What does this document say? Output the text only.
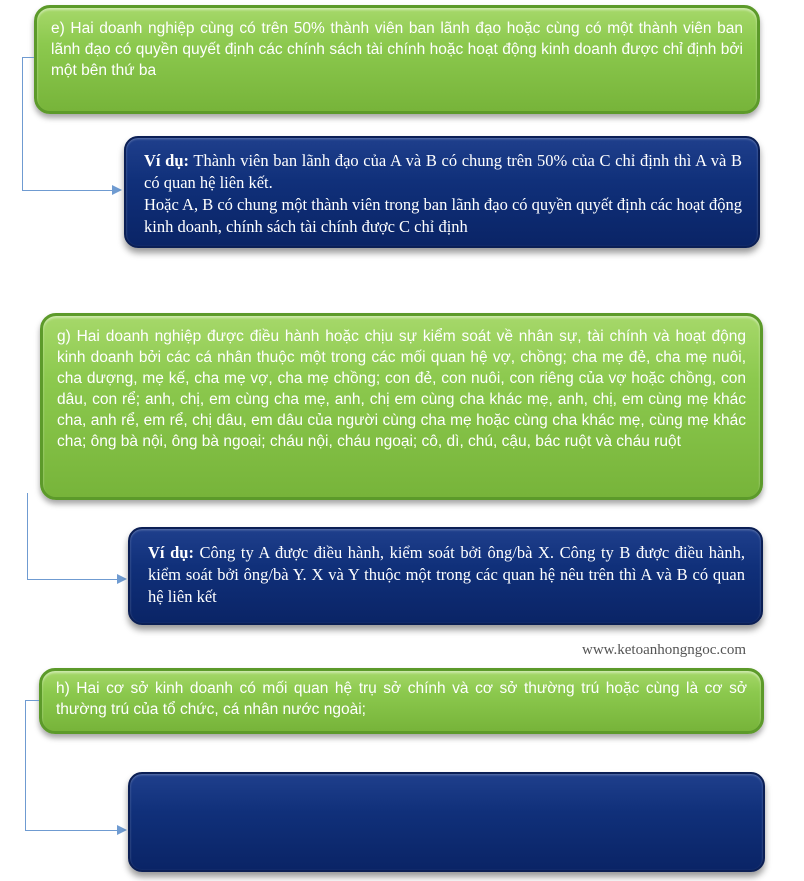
e) Hai doanh nghiệp cùng có trên 50% thành viên ban lãnh đạo hoặc cùng có một thành viên ban lãnh đạo có quyền quyết định các chính sách tài chính hoặc hoạt động kinh doanh được chỉ định bởi một bên thứ ba
Ví dụ: Thành viên ban lãnh đạo của A và B có chung trên 50% của C chỉ định thì A và B có quan hệ liên kết.
Hoặc A, B có chung một thành viên trong ban lãnh đạo có quyền quyết định các hoạt động kinh doanh, chính sách tài chính được C chỉ định
g) Hai doanh nghiệp được điều hành hoặc chịu sự kiểm soát về nhân sự, tài chính và hoạt động kinh doanh bởi các cá nhân thuộc một trong các mối quan hệ vợ, chồng; cha mẹ đẻ, cha mẹ nuôi, cha dượng, mẹ kế, cha mẹ vợ, cha mẹ chồng; con đẻ, con nuôi, con riêng của vợ hoặc chồng, con dâu, con rể; anh, chị, em cùng cha mẹ, anh, chị em cùng cha khác mẹ, anh, chị, em cùng mẹ khác cha, anh rể, em rể, chị dâu, em dâu của người cùng cha mẹ hoặc cùng cha khác mẹ, cùng mẹ khác cha; ông bà nội, ông bà ngoại; cháu nội, cháu ngoại; cô, dì, chú, cậu, bác ruột và cháu ruột
Ví dụ: Công ty A được điều hành, kiểm soát bởi ông/bà X. Công ty B được điều hành, kiểm soát bởi ông/bà Y. X và Y thuộc một trong các quan hệ nêu trên thì A và B có quan hệ liên kết
www.ketoanhongngoc.com
h) Hai cơ sở kinh doanh có mối quan hệ trụ sở chính và cơ sở thường trú hoặc cùng là cơ sở thường trú của tổ chức, cá nhân nước ngoài;
